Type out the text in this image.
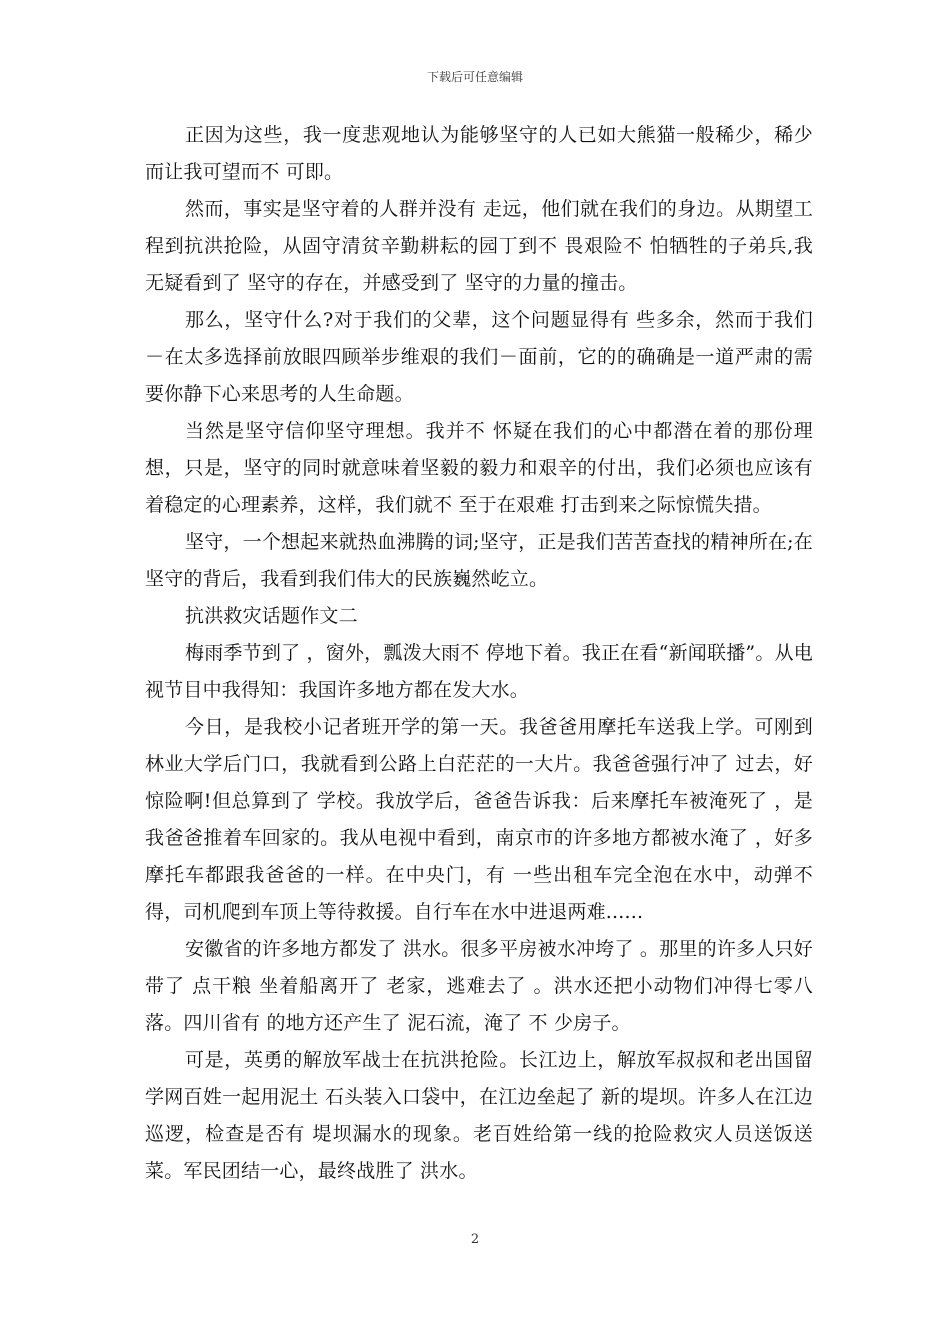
下载后可任意编辑

正因为这些，我一度悲观地认为能够坚守的人已如大熊猫一般稀少，稀少而让我可望而不 可即。

然而，事实是坚守着的人群并没有 走远，他们就在我们的身边。从期望工程到抗洪抢险，从固守清贫辛勤耕耘的园丁到不 畏艰险不 怕牺牲的子弟兵,我无疑看到了 坚守的存在，并感受到了 坚守的力量的撞击。

那么，坚守什么?对于我们的父辈，这个问题显得有 些多余，然而于我们－在太多选择前放眼四顾举步维艰的我们－面前，它的的确确是一道严肃的需要你静下心来思考的人生命题。

当然是坚守信仰坚守理想。我并不 怀疑在我们的心中都潜在着的那份理想，只是，坚守的同时就意味着坚毅的毅力和艰辛的付出，我们必须也应该有 着稳定的心理素养，这样，我们就不 至于在艰难 打击到来之际惊慌失措。

坚守，一个想起来就热血沸腾的词;坚守，正是我们苦苦查找的精神所在;在坚守的背后，我看到我们伟大的民族巍然屹立。

抗洪救灾话题作文二

梅雨季节到了 ，窗外，瓢泼大雨不 停地下着。我正在看“新闻联播”。从电视节目中我得知：我国许多地方都在发大水。

今日，是我校小记者班开学的第一天。我爸爸用摩托车送我上学。可刚到林业大学后门口，我就看到公路上白茫茫的一大片。我爸爸强行冲了 过去，好惊险啊!但总算到了 学校。我放学后，爸爸告诉我：后来摩托车被淹死了 ，是我爸爸推着车回家的。我从电视中看到，南京市的许多地方都被水淹了 ，好多摩托车都跟我爸爸的一样。在中央门，有 一些出租车完全泡在水中，动弹不得，司机爬到车顶上等待救援。自行车在水中进退两难......

安徽省的许多地方都发了 洪水。很多平房被水冲垮了 。那里的许多人只好带了 点干粮 坐着船离开了 老家，逃难去了 。洪水还把小动物们冲得七零八落。四川省有 的地方还产生了 泥石流，淹了 不 少房子。

可是，英勇的解放军战士在抗洪抢险。长江边上，解放军叔叔和老出国留学网百姓一起用泥土 石头装入口袋中，在江边垒起了 新的堤坝。许多人在江边巡逻，检查是否有 堤坝漏水的现象。老百姓给第一线的抢险救灾人员送饭送菜。军民团结一心，最终战胜了 洪水。

2
